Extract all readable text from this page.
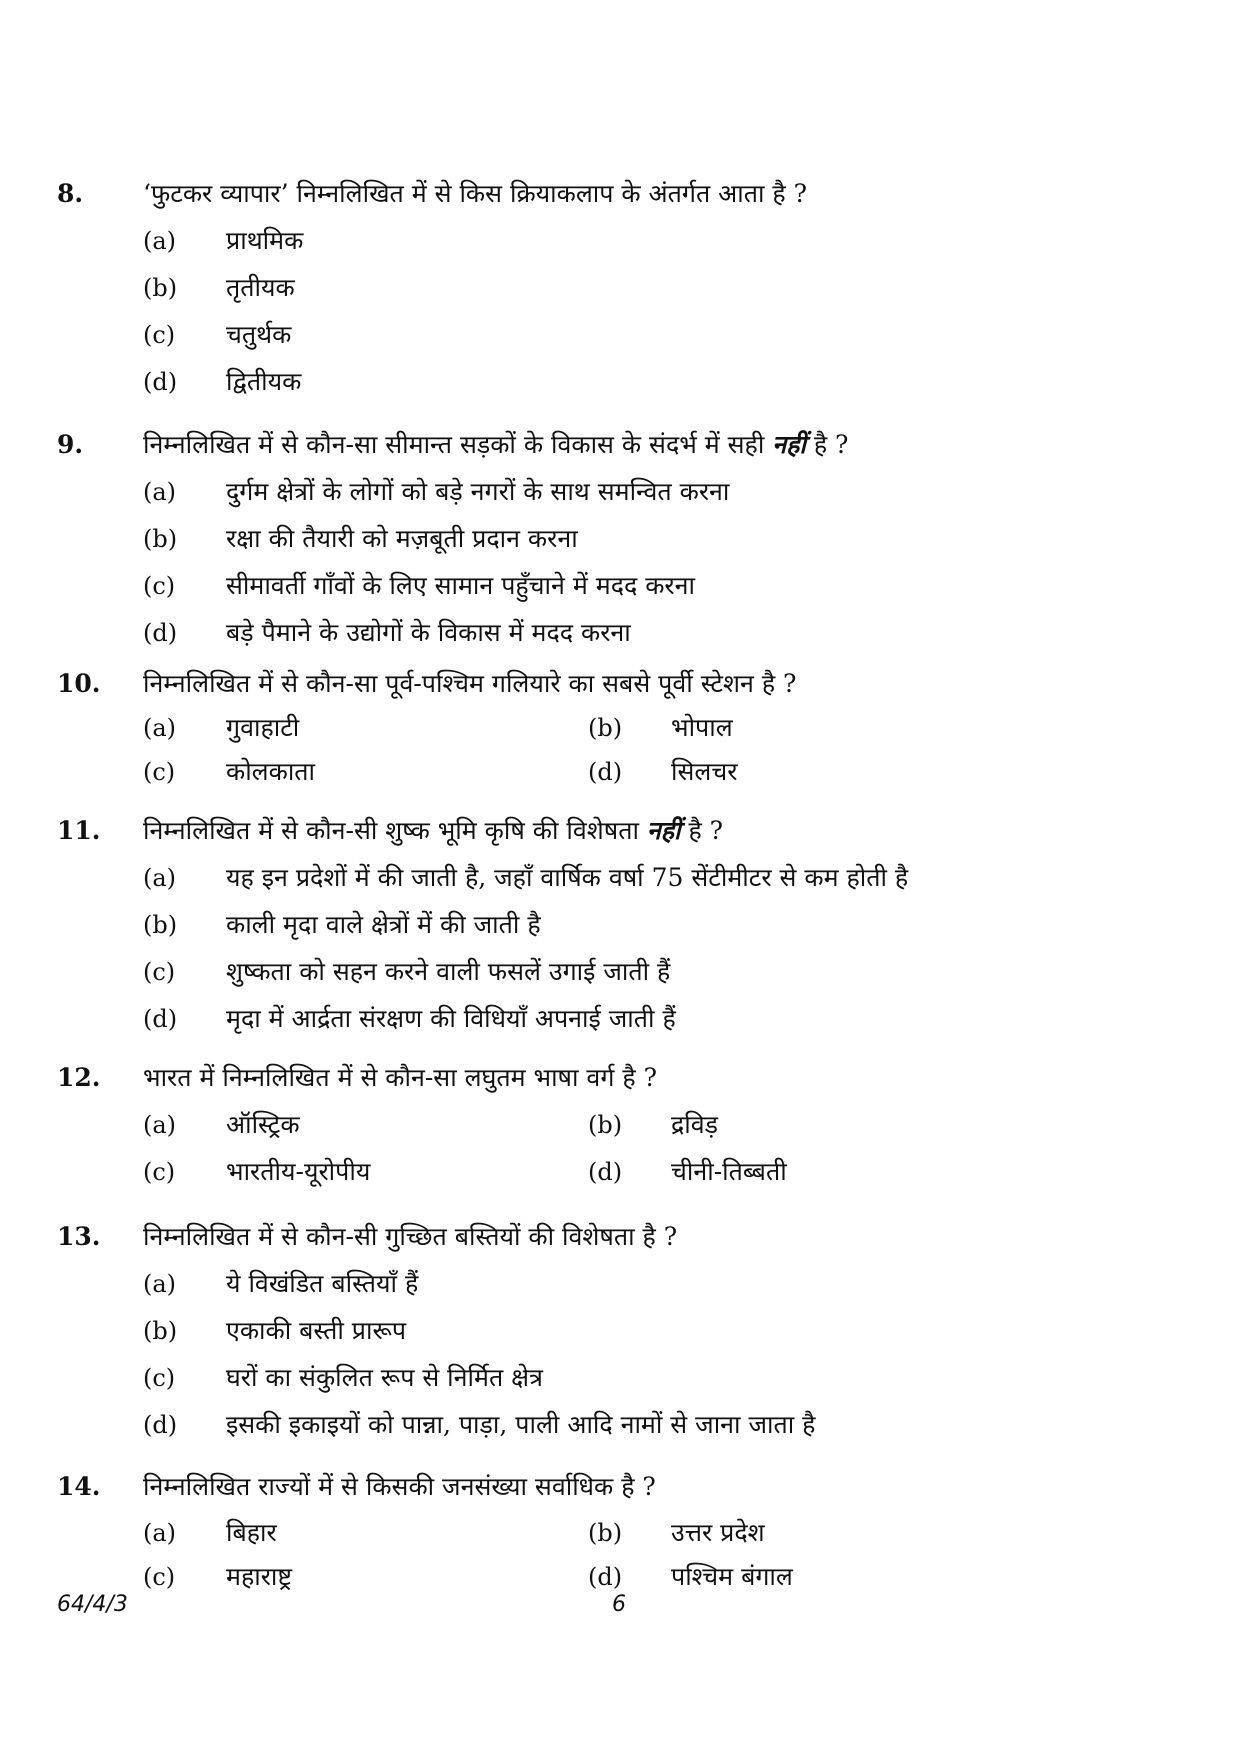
8. ‘फुटकर व्यापार’ निम्नलिखित में से किस क्रियाकलाप के अंतर्गत आता है ?
(a) प्राथमिक
(b) तृतीयक
(c) चतुर्थक
(d) द्वितीयक
9. निम्नलिखित में से कौन-सा सीमान्त सड़कों के विकास के संदर्भ में सही नहीं है ?
(a) दुर्गम क्षेत्रों के लोगों को बड़े नगरों के साथ समन्वित करना
(b) रक्षा की तैयारी को मज़बूती प्रदान करना
(c) सीमावर्ती गाँवों के लिए सामान पहुँचाने में मदद करना
(d) बड़े पैमाने के उद्योगों के विकास में मदद करना
10. निम्नलिखित में से कौन-सा पूर्व-पश्चिम गलियारे का सबसे पूर्वी स्टेशन है ?
(a) गुवाहाटी	(b) भोपाल
(c) कोलकाता	(d) सिलचर
11. निम्नलिखित में से कौन-सी शुष्क भूमि कृषि की विशेषता नहीं है ?
(a) यह इन प्रदेशों में की जाती है, जहाँ वार्षिक वर्षा 75 सेंटीमीटर से कम होती है
(b) काली मृदा वाले क्षेत्रों में की जाती है
(c) शुष्कता को सहन करने वाली फसलें उगाई जाती हैं
(d) मृदा में आर्द्रता संरक्षण की विधियाँ अपनाई जाती हैं
12. भारत में निम्नलिखित में से कौन-सा लघुतम भाषा वर्ग है ?
(a) ऑस्ट्रिक	(b) द्रविड़
(c) भारतीय-यूरोपीय	(d) चीनी-तिब्बती
13. निम्नलिखित में से कौन-सी गुच्छित बस्तियों की विशेषता है ?
(a) ये विखंडित बस्तियाँ हैं
(b) एकाकी बस्ती प्रारूप
(c) घरों का संकुलित रूप से निर्मित क्षेत्र
(d) इसकी इकाइयों को पान्ना, पाड़ा, पाली आदि नामों से जाना जाता है
14. निम्नलिखित राज्यों में से किसकी जनसंख्या सर्वाधिक है ?
(a) बिहार	(b) उत्तर प्रदेश
(c) महाराष्ट्र	(d) पश्चिम बंगाल
64/4/3	6
